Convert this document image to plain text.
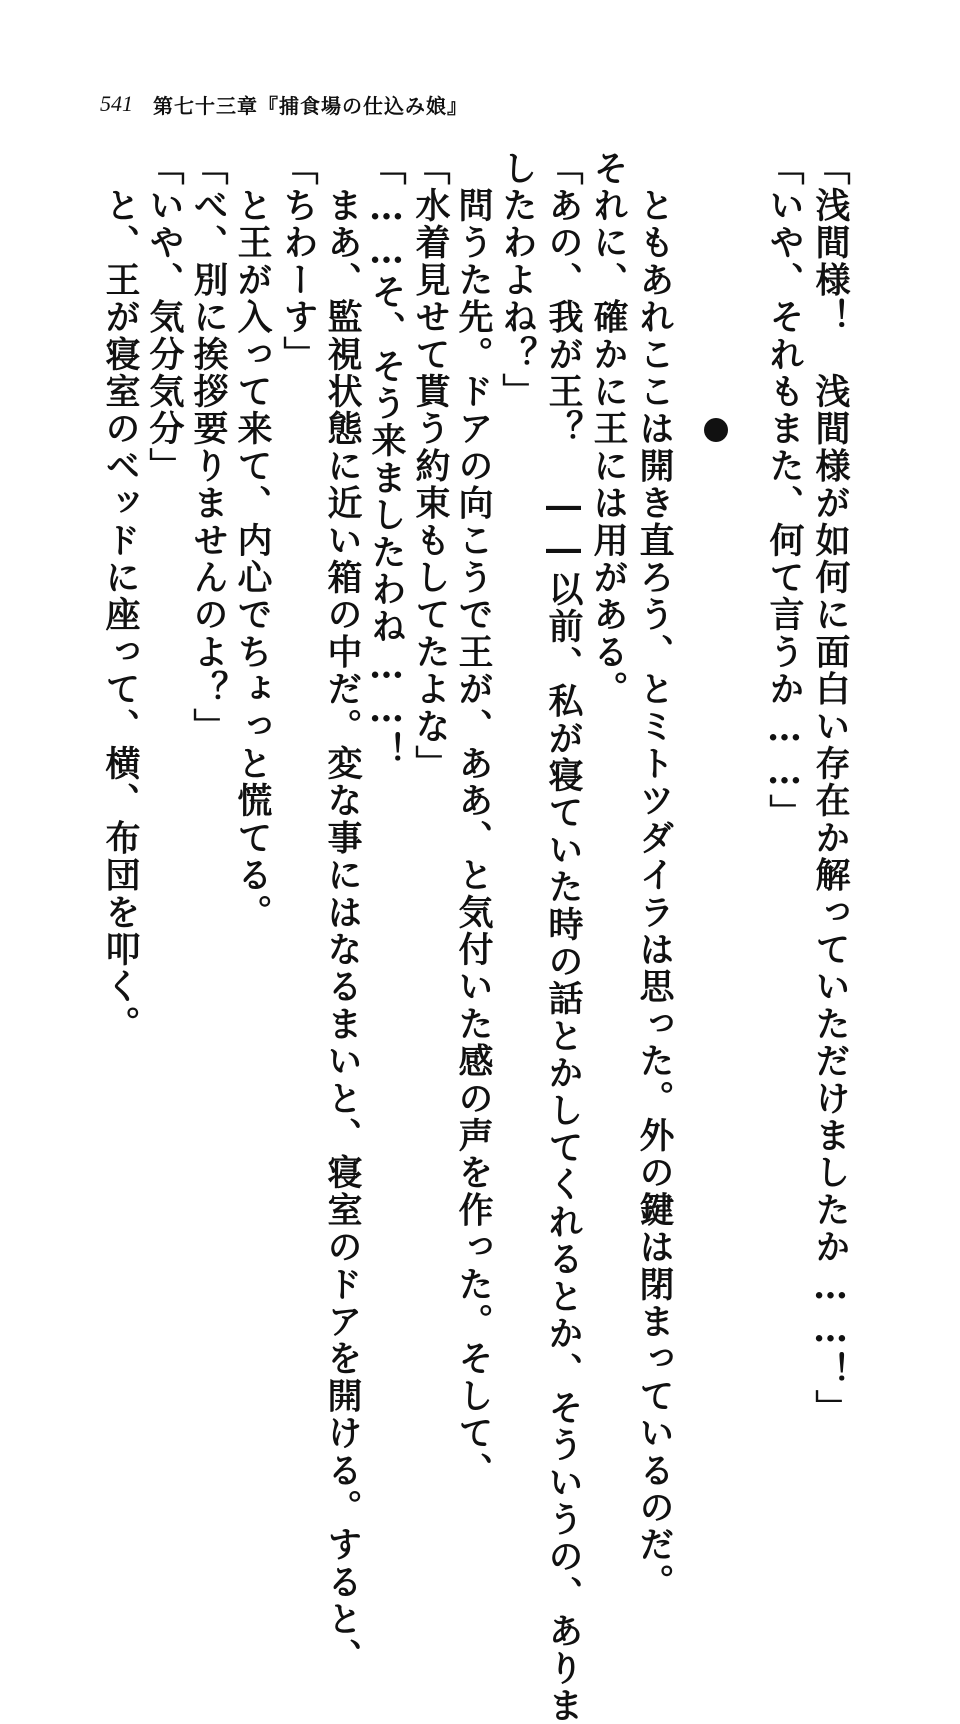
541 第七十三章『捕食場の仕込み娘』
「浅間様！　浅間様が如何に面白い存在か解っていただけましたか……！」
「いや、それもまた、何て言うか……」
　ともあれここは開き直ろう、とミトツダイラは思った。外の鍵は閉まっているのだ。
それに、確かに王には用がある。
「あの、我が王？　――以前、私が寝ていた時の話とかしてくれるとか、そういうの、ありま
したわよね？」
　問うた先。ドアの向こうで王が、ああ、と気付いた感の声を作った。そして、
「水着見せて貰う約束もしてたよな」
「……そ、そう来ましたわね……！
　まあ、監視状態に近い箱の中だ。変な事にはなるまいと、寝室のドアを開ける。すると、
「ちわーす」
　と王が入って来て、内心でちょっと慌てる。
「べ、別に挨拶要りませんのよ？」
「いや、気分気分」
　と、王が寝室のベッドに座って、横、布団を叩く。
